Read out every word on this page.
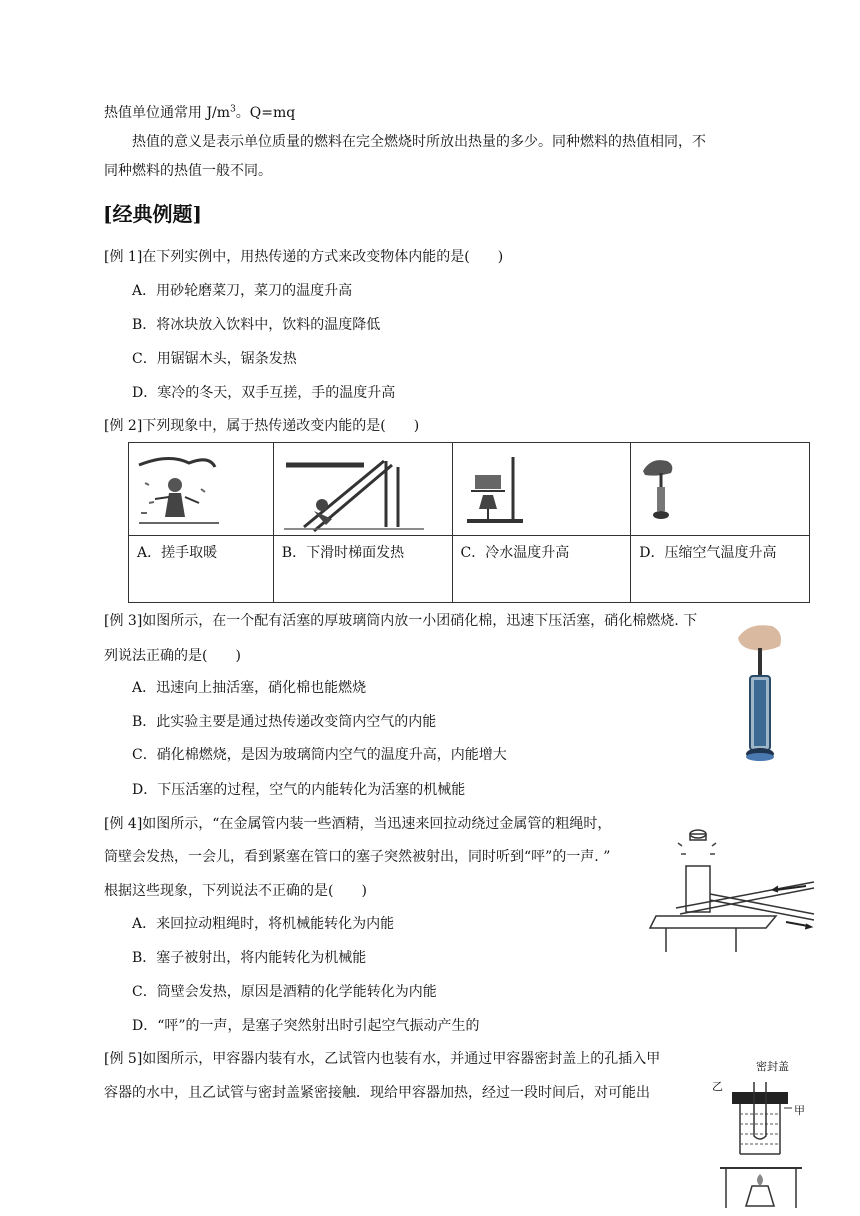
热值单位通常用 $J/m^3$。Q=mq
热值的意义是表示单位质量的燃料在完全燃烧时所放出热量的多少。同种燃料的热值相同，不
同种燃料的热值一般不同。
[经典例题]
[例 1]在下列实例中，用热传递的方式来改变物体内能的是(　　)
A．用砂轮磨菜刀，菜刀的温度升高
B．将冰块放入饮料中，饮料的温度降低
C．用锯锯木头，锯条发热
D．寒冷的冬天，双手互搓，手的温度升高
[例 2]下列现象中，属于热传递改变内能的是(　　)

A．搓手取暖	B．下滑时梯面发热	C．冷水温度升高	D．压缩空气温度升高
[例 3]如图所示，在一个配有活塞的厚玻璃筒内放一小团硝化棉，迅速下压活塞，硝化棉燃烧. 下
列说法正确的是(　　)
A．迅速向上抽活塞，硝化棉也能燃烧
B．此实验主要是通过热传递改变筒内空气的内能
C．硝化棉燃烧，是因为玻璃筒内空气的温度升高，内能增大
D．下压活塞的过程，空气的内能转化为活塞的机械能
[例 4]如图所示，“在金属管内装一些酒精，当迅速来回拉动绕过金属管的粗绳时，
筒壁会发热，一会儿，看到紧塞在管口的塞子突然被射出，同时听到“呯”的一声. ”
根据这些现象，下列说法不正确的是(　　)
A．来回拉动粗绳时，将机械能转化为内能
B．塞子被射出，将内能转化为机械能
C．筒壁会发热，原因是酒精的化学能转化为内能
D．“呯”的一声，是塞子突然射出时引起空气振动产生的
[例 5]如图所示，甲容器内装有水，乙试管内也装有水，并通过甲容器密封盖上的孔插入甲
容器的水中，且乙试管与密封盖紧密接触．现给甲容器加热，经过一段时间后，对可能出	乙
密封盖
甲
